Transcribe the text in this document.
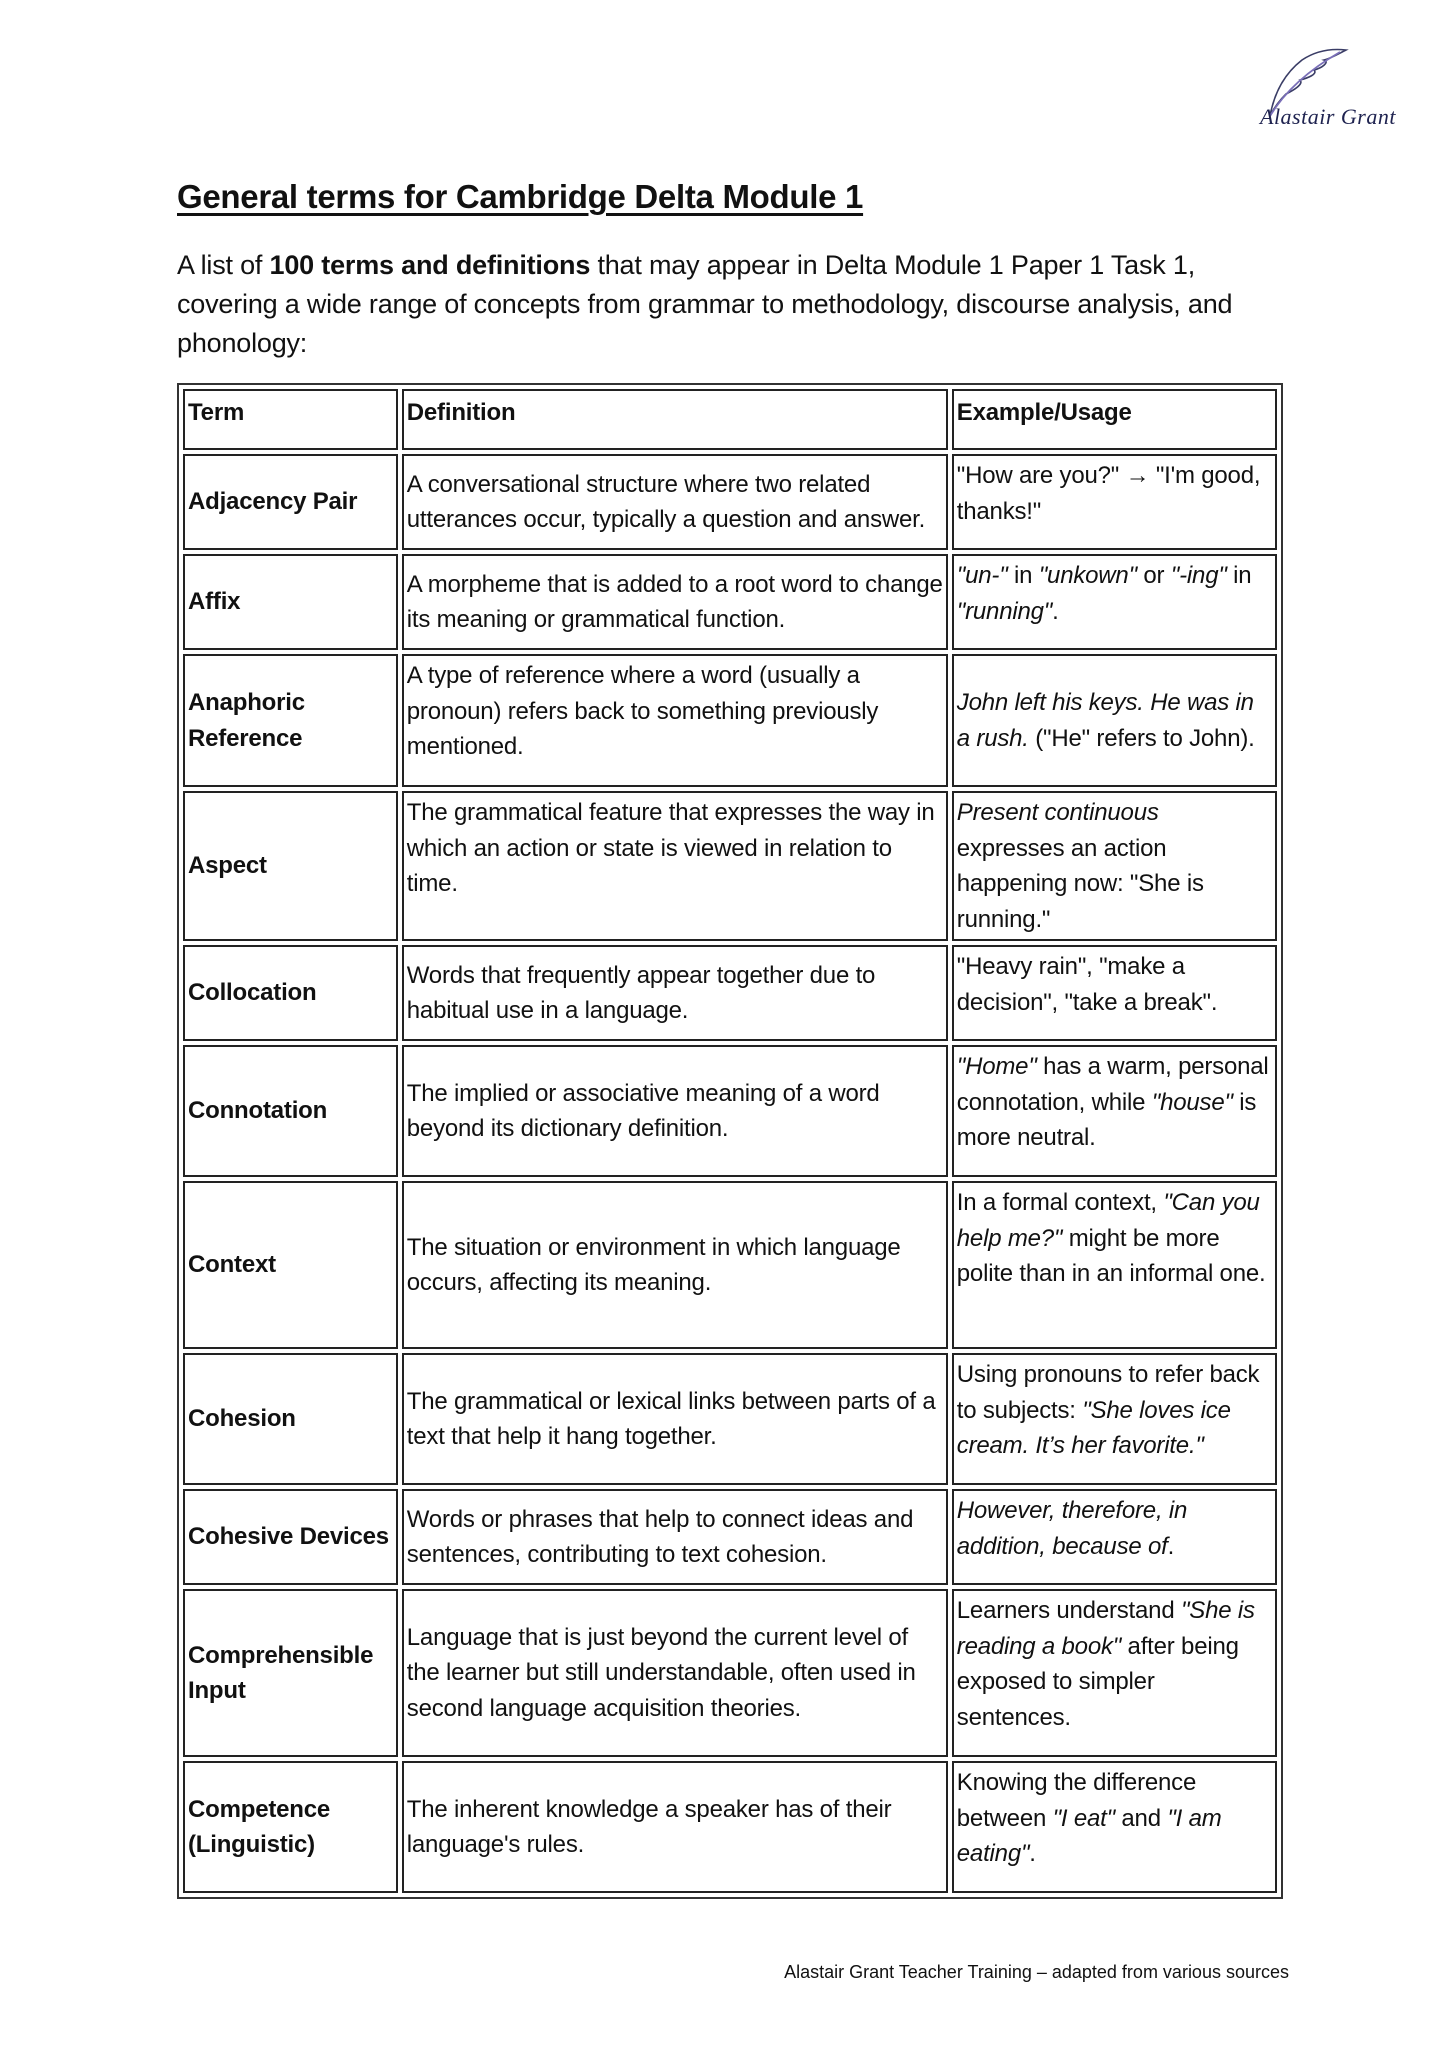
Alastair Grant
General terms for Cambridge Delta Module 1

A list of 100 terms and definitions that may appear in Delta Module 1 Paper 1 Task 1, covering a wide range of concepts from grammar to methodology, discourse analysis, and phonology:

Term	Definition	Example/Usage
Adjacency Pair	A conversational structure where two related utterances occur, typically a question and answer.	"How are you?" → "I'm good, thanks!"
Affix	A morpheme that is added to a root word to change its meaning or grammatical function.	"un-" in "unkown" or "-ing" in "running".
Anaphoric Reference	A type of reference where a word (usually a pronoun) refers back to something previously mentioned.	John left his keys. He was in a rush. ("He" refers to John).
Aspect	The grammatical feature that expresses the way in which an action or state is viewed in relation to time.	Present continuous expresses an action happening now: "She is running."
Collocation	Words that frequently appear together due to habitual use in a language.	"Heavy rain", "make a decision", "take a break".
Connotation	The implied or associative meaning of a word beyond its dictionary definition.	"Home" has a warm, personal connotation, while "house" is more neutral.
Context	The situation or environment in which language occurs, affecting its meaning.	In a formal context, "Can you help me?" might be more polite than in an informal one.
Cohesion	The grammatical or lexical links between parts of a text that help it hang together.	Using pronouns to refer back to subjects: "She loves ice cream. It’s her favorite."
Cohesive Devices	Words or phrases that help to connect ideas and sentences, contributing to text cohesion.	However, therefore, in addition, because of.
Comprehensible Input	Language that is just beyond the current level of the learner but still understandable, often used in second language acquisition theories.	Learners understand "She is reading a book" after being exposed to simpler sentences.
Competence (Linguistic)	The inherent knowledge a speaker has of their language's rules.	Knowing the difference between "I eat" and "I am eating".
Alastair Grant Teacher Training – adapted from various sources
